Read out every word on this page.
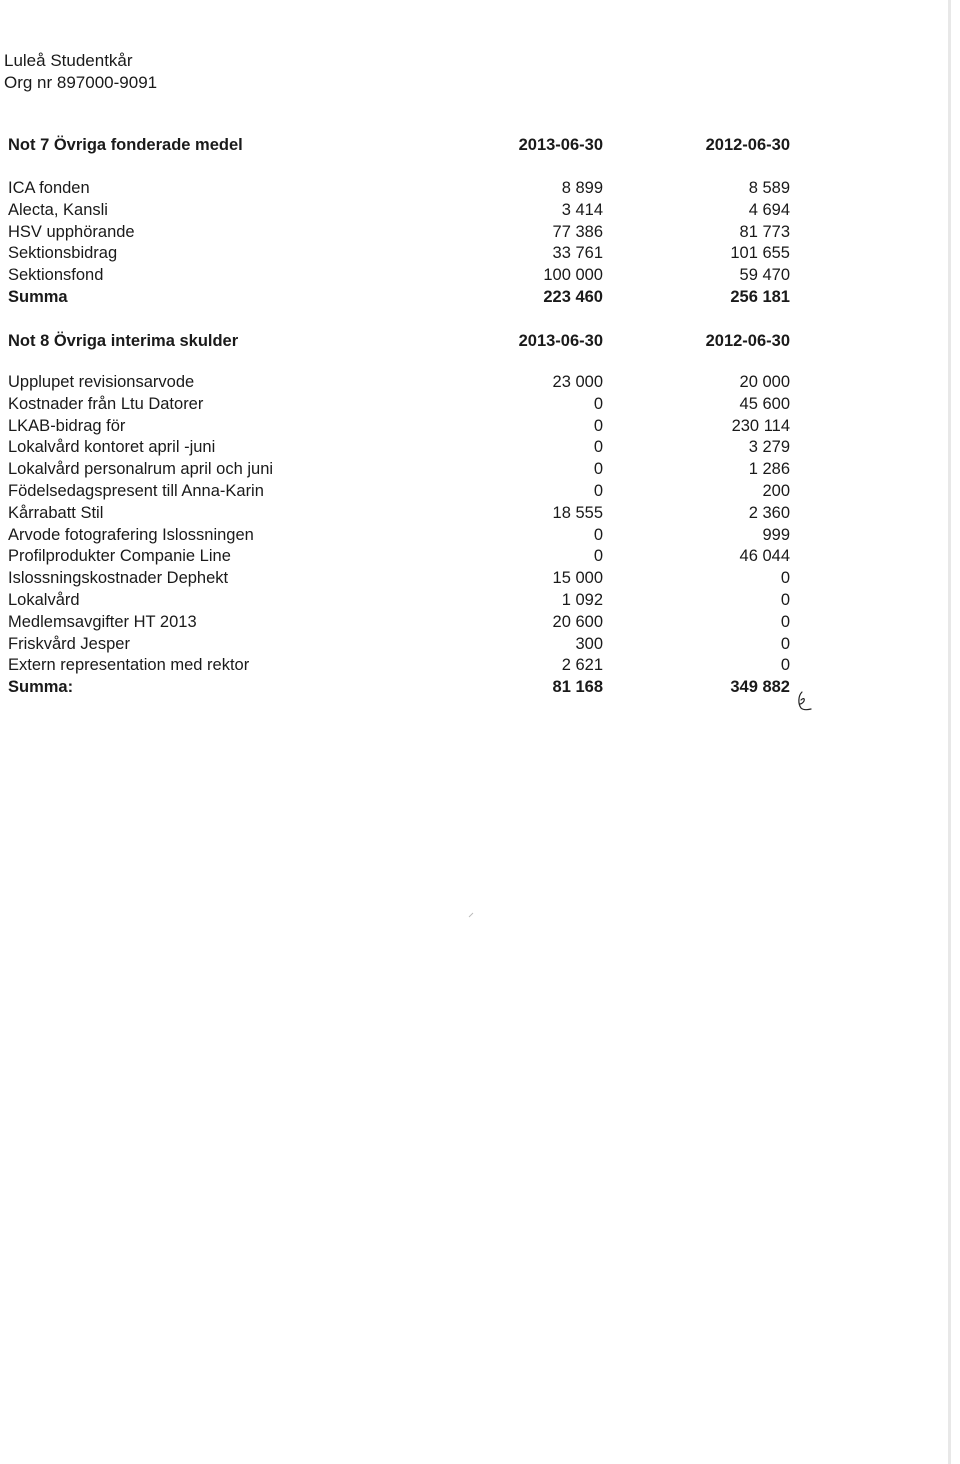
Luleå Studentkår
Org nr 897000-9091
Not 7 Övriga fonderade medel	2013-06-30	2012-06-30
ICA fonden	8 899	8 589
Alecta, Kansli	3 414	4 694
HSV upphörande	77 386	81 773
Sektionsbidrag	33 761	101 655
Sektionsfond	100 000	59 470
Summa	223 460	256 181
Not 8 Övriga interima skulder	2013-06-30	2012-06-30
Upplupet revisionsarvode	23 000	20 000
Kostnader från Ltu Datorer	0	45 600
LKAB-bidrag för	0	230 114
Lokalvård kontoret april -juni	0	3 279
Lokalvård personalrum april och juni	0	1 286
Födelsedagspresent till Anna-Karin	0	200
Kårrabatt Stil	18 555	2 360
Arvode fotografering Islossningen	0	999
Profilprodukter Companie Line	0	46 044
Islossningskostnader Dephekt	15 000	0
Lokalvård	1 092	0
Medlemsavgifter HT 2013	20 600	0
Friskvård Jesper	300	0
Extern representation med rektor	2 621	0
Summa:	81 168	349 882
